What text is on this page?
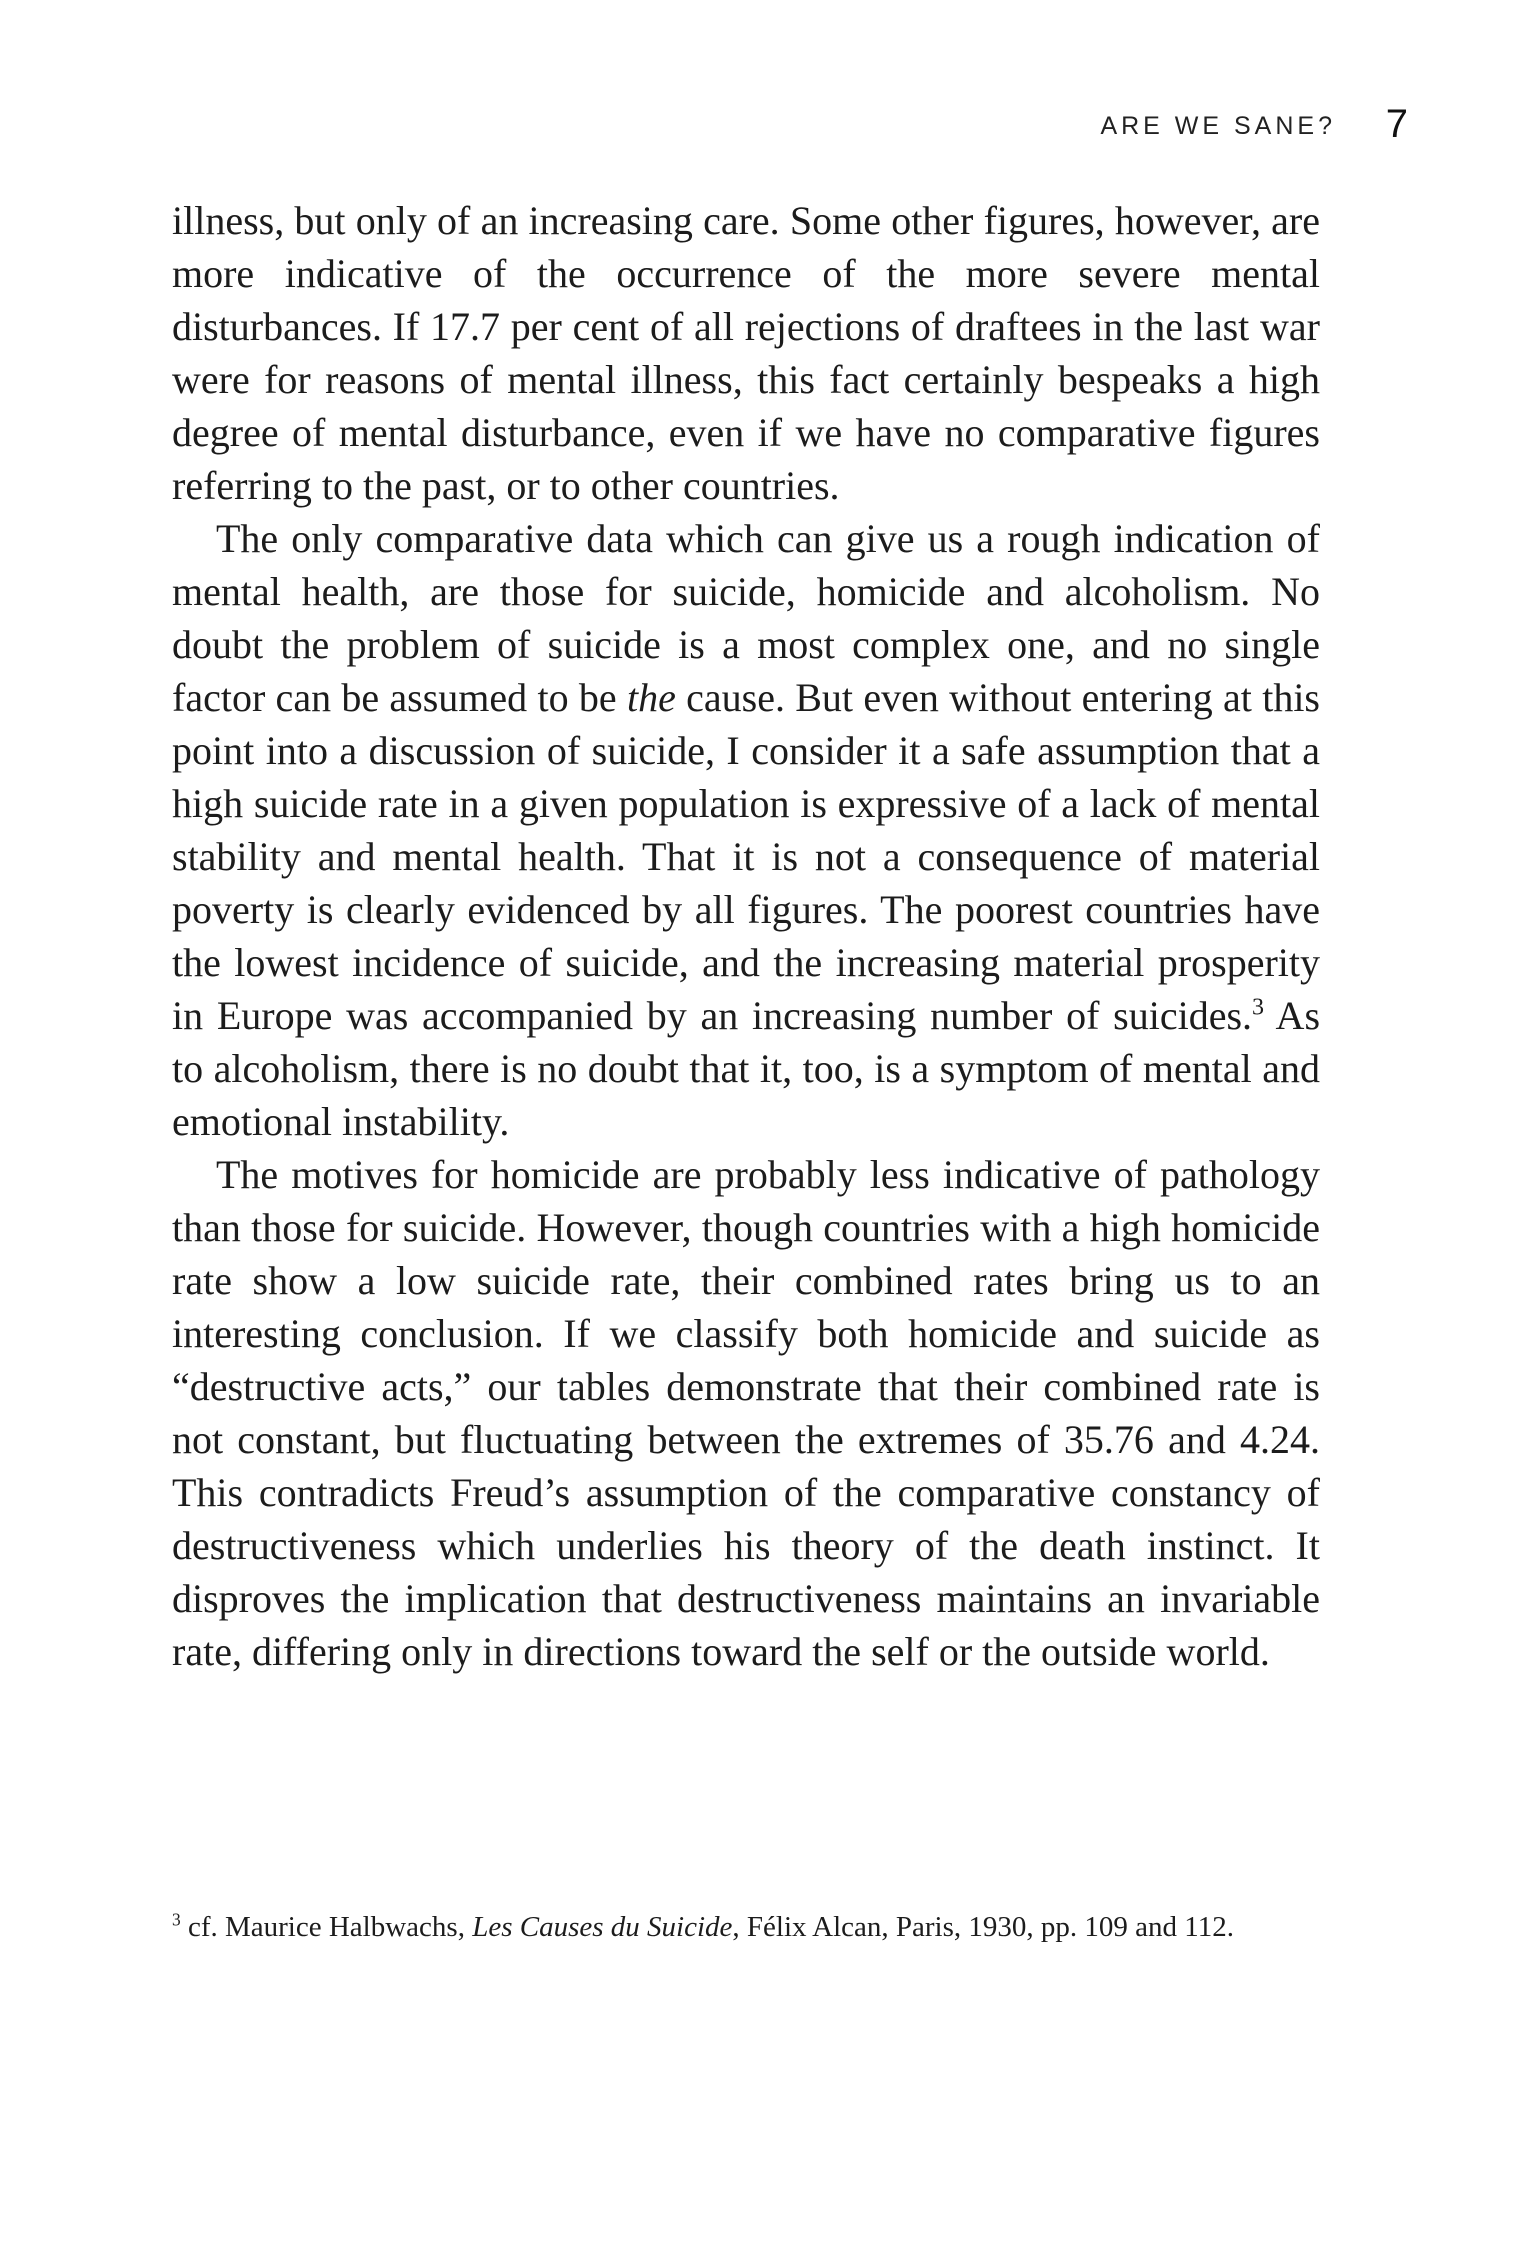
ARE WE SANE? 7

illness, but only of an increasing care. Some other figures, however, are more indicative of the occurrence of the more severe mental disturbances. If 17.7 per cent of all rejections of draftees in the last war were for reasons of mental illness, this fact certainly bespeaks a high degree of mental disturbance, even if we have no comparative figures referring to the past, or to other countries.

The only comparative data which can give us a rough indication of mental health, are those for suicide, homicide and alcoholism. No doubt the problem of suicide is a most complex one, and no single factor can be assumed to be the cause. But even without entering at this point into a discussion of suicide, I consider it a safe assumption that a high suicide rate in a given population is expressive of a lack of mental stability and mental health. That it is not a consequence of material poverty is clearly evidenced by all figures. The poorest countries have the lowest incidence of suicide, and the increasing material prosperity in Europe was accompanied by an increasing number of suicides.$^3$ As to alcoholism, there is no doubt that it, too, is a symptom of mental and emotional instability.

The motives for homicide are probably less indicative of pathology than those for suicide. However, though countries with a high homicide rate show a low suicide rate, their combined rates bring us to an interesting conclusion. If we classify both homicide and suicide as “destructive acts,” our tables demonstrate that their combined rate is not constant, but fluctuating between the extremes of 35.76 and 4.24. This contradicts Freud’s assumption of the comparative constancy of destructiveness which underlies his theory of the death instinct. It disproves the implication that destructiveness maintains an invariable rate, differing only in directions toward the self or the outside world.

$^3$ cf. Maurice Halbwachs, Les Causes du Suicide, Félix Alcan, Paris, 1930, pp. 109 and 112.
